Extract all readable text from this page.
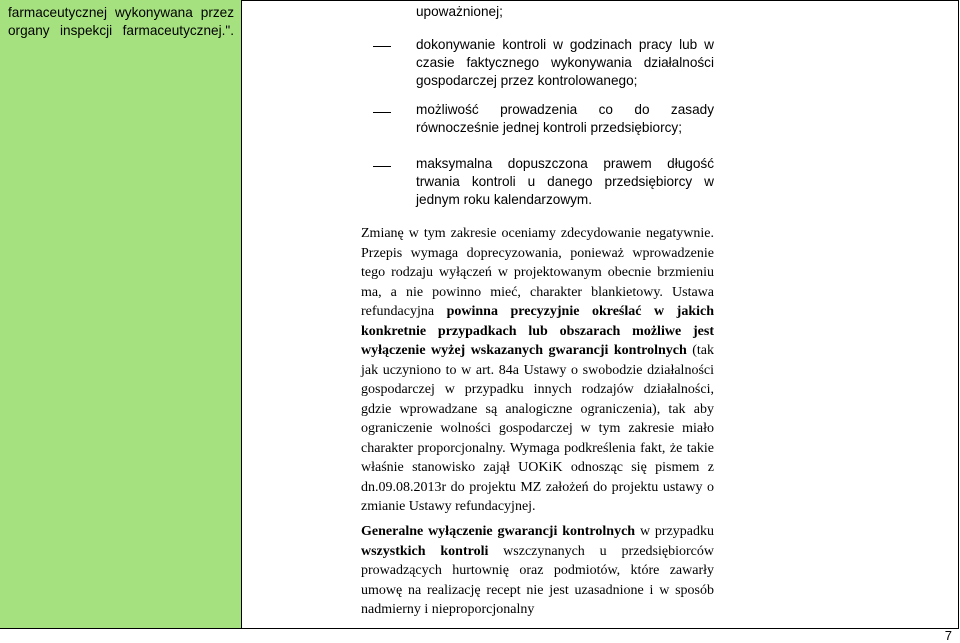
farmaceutycznej wykonywana przez organy inspekcji farmaceutycznej.".

upoważnionej;

dokonywanie kontroli w godzinach pracy lub w czasie faktycznego wykonywania działalności gospodarczej przez kontrolowanego;

możliwość prowadzenia co do zasady równocześnie jednej kontroli przedsiębiorcy;

maksymalna dopuszczona prawem długość trwania kontroli u danego przedsiębiorcy w jednym roku kalendarzowym.

Zmianę w tym zakresie oceniamy zdecydowanie negatywnie. Przepis wymaga doprecyzowania, ponieważ wprowadzenie tego rodzaju wyłączeń w projektowanym obecnie brzmieniu ma, a nie powinno mieć, charakter blankietowy. Ustawa refundacyjna powinna precyzyjnie określać w jakich konkretnie przypadkach lub obszarach możliwe jest wyłączenie wyżej wskazanych gwarancji kontrolnych (tak jak uczyniono to w art. 84a Ustawy o swobodzie działalności gospodarczej w przypadku innych rodzajów działalności, gdzie wprowadzane są analogiczne ograniczenia), tak aby ograniczenie wolności gospodarczej w tym zakresie miało charakter proporcjonalny. Wymaga podkreślenia fakt, że takie właśnie stanowisko zajął UOKiK odnosząc się pismem z dn.09.08.2013r do projektu MZ założeń do projektu ustawy o zmianie Ustawy refundacyjnej.

Generalne wyłączenie gwarancji kontrolnych w przypadku wszystkich kontroli wszczynanych u przedsiębiorców prowadzących hurtownię oraz podmiotów, które zawarły umowę na realizację recept nie jest uzasadnione i w sposób nadmierny i nieproporcjonalny

7
